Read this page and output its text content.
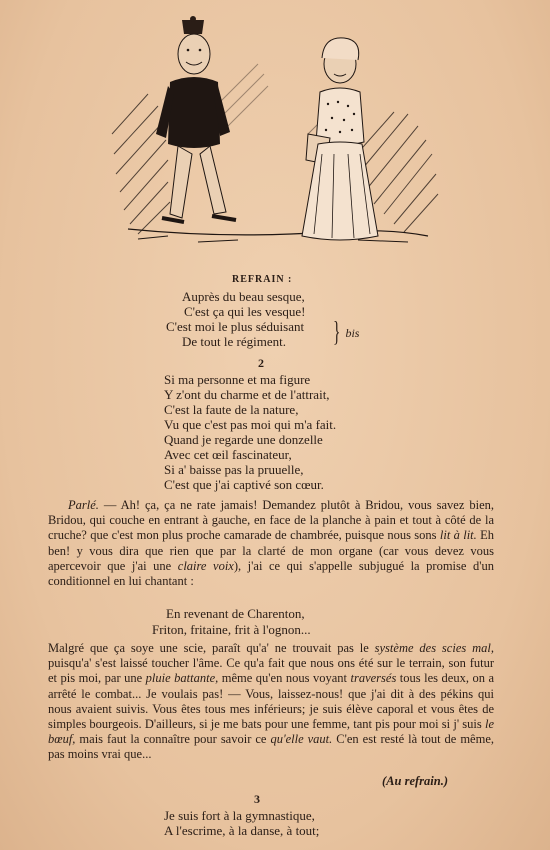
REFRAIN :
Auprès du beau sesque,
C'est ça qui les vesque!
C'est moi le plus séduisant
De tout le régiment.	} bis
2
Si ma personne et ma figure
Y z'ont du charme et de l'attrait,
C'est la faute de la nature,
Vu que c'est pas moi qui m'a fait.
Quand je regarde une donzelle
Avec cet œil fascinateur,
Si a' baisse pas la pruuelle,
C'est que j'ai captivé son cœur.

Parlé. — Ah! ça, ça ne rate jamais! Demandez plutôt à Bridou, vous savez bien, Bridou, qui couche en entrant à gauche, en face de la planche à pain et tout à côté de la cruche? que c'est mon plus proche camarade de chambrée, puisque nous sons lit à lit. Eh ben! y vous dira que rien que par la clarté de mon organe (car vous devez vous apercevoir que j'ai une claire voix), j'ai ce qui s'appelle subjugué la promise d'un conditionnel en lui chantant :

En revenant de Charenton,
Friton, fritaine, frit à l'ognon...

Malgré que ça soye une scie, paraît qu'a' ne trouvait pas le système des scies mal, puisqu'a' s'est laissé toucher l'âme. Ce qu'a fait que nous ons été sur le terrain, son futur et pis moi, par une pluie battante, même qu'en nous voyant traversés tous les deux, on a arrêté le combat... Je voulais pas! — Vous, laissez-nous! que j'ai dit à des pékins qui nous avaient suivis. Vous êtes tous mes inférieurs; je suis élève caporal et vous êtes de simples bourgeois. D'ailleurs, si je me bats pour une femme, tant pis pour moi si j' suis le bœuf, mais faut la connaître pour savoir ce qu'elle vaut. C'en est resté là tout de même, pas moins vrai que...

(Au refrain.)
3
Je suis fort à la gymnastique,
A l'escrime, à la danse, à tout;
